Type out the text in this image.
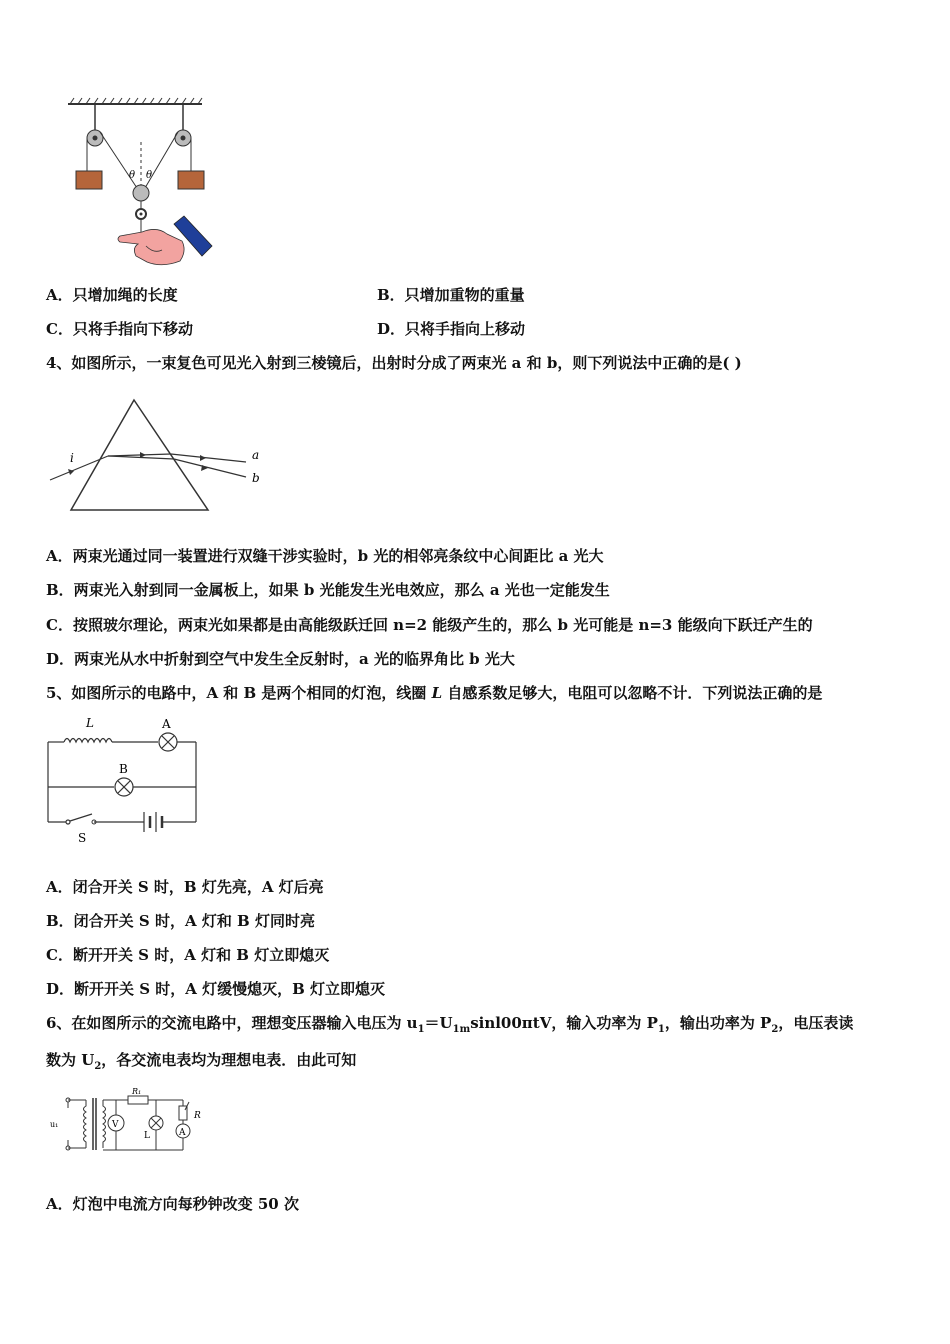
θ θ
A．只增加绳的长度	B．只增加重物的重量
C．只将手指向下移动	D．只将手指向上移动
4、如图所示，一束复色可见光入射到三棱镜后，出射时分成了两束光 a 和 b，则下列说法中正确的是( )
i	a
b
A．两束光通过同一装置进行双缝干涉实验时，b 光的相邻亮条纹中心间距比 a 光大
B．两束光入射到同一金属板上，如果 b 光能发生光电效应，那么 a 光也一定能发生
C．按照玻尔理论，两束光如果都是由高能级跃迁回 n=2 能级产生的，那么 b 光可能是 n=3 能级向下跃迁产生的
D．两束光从水中折射到空气中发生全反射时，a 光的临界角比 b 光大
5、如图所示的电路中，A 和 B 是两个相同的灯泡，线圈 L 自感系数足够大，电阻可以忽略不计．下列说法正确的是
L	A
B
S
A．闭合开关 S 时，B 灯先亮，A 灯后亮
B．闭合开关 S 时，A 灯和 B 灯同时亮
C．断开开关 S 时，A 灯和 B 灯立即熄灭
D．断开开关 S 时，A 灯缓慢熄灭，B 灯立即熄灭
6、在如图所示的交流电路中，理想变压器输入电压为 $u_1=U_{1m}\sin l00\pi tV$，输入功率为 $P_1$，输出功率为 $P_2$，电压表读
数为 $U_2$，各交流电表均为理想电表．由此可知
u₁	V
R₁
L
R
A
A．灯泡中电流方向每秒钟改变 50 次
